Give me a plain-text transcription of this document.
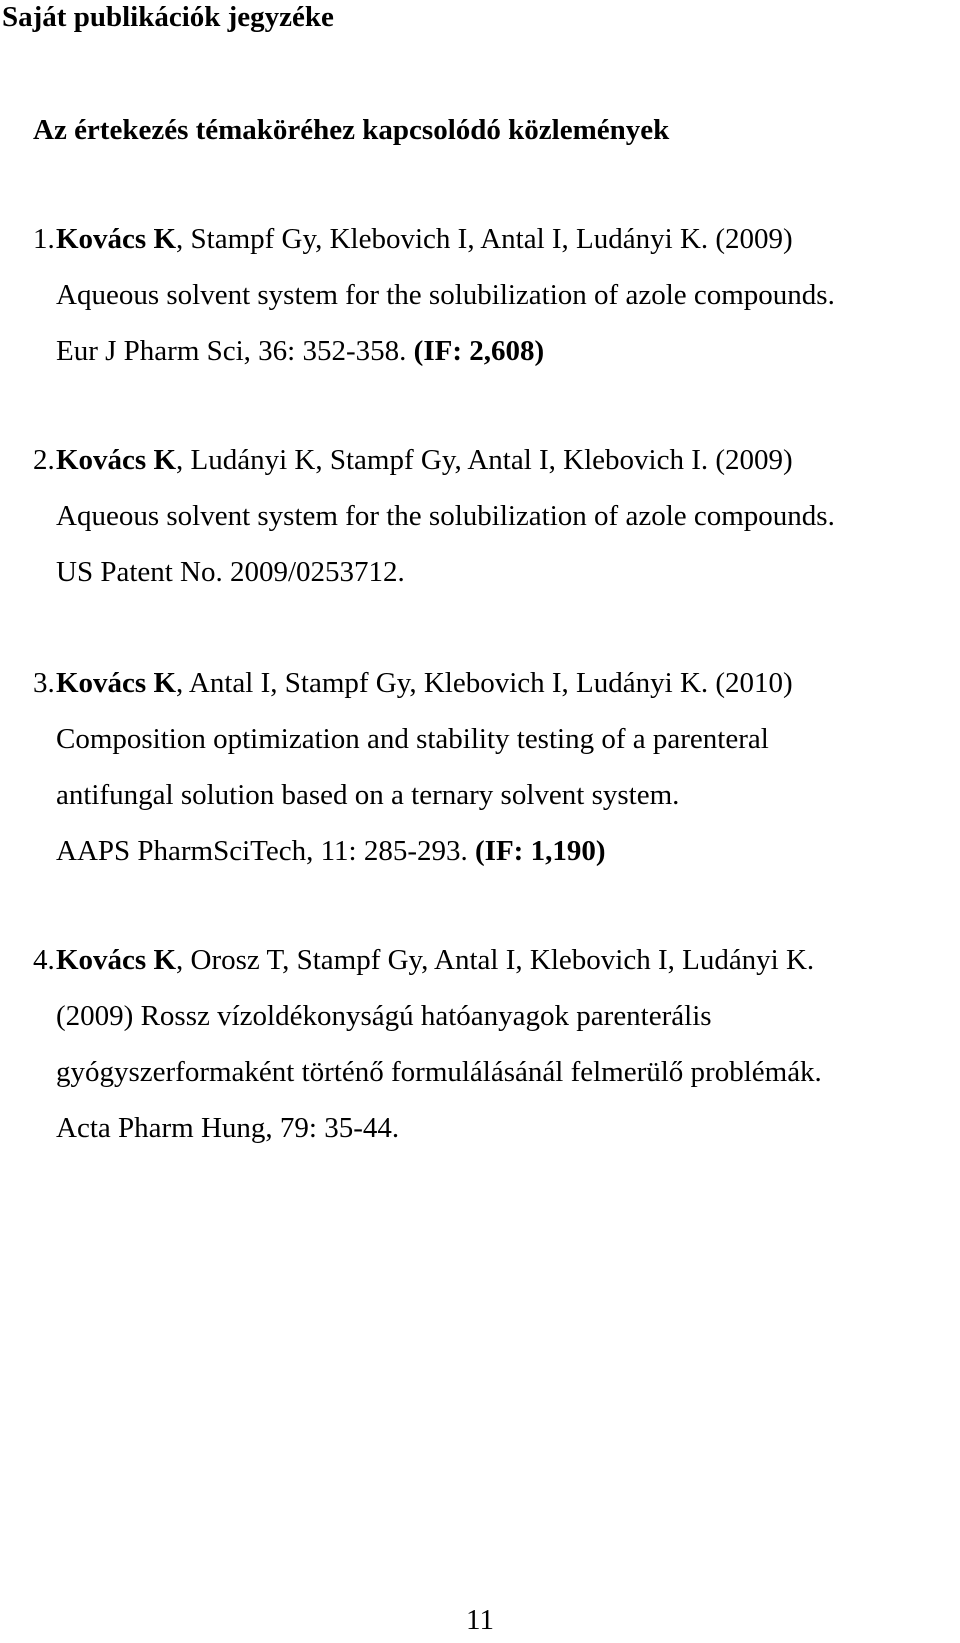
Saját publikációk jegyzéke
Az értekezés témaköréhez kapcsolódó közlemények
1. Kovács K, Stampf Gy, Klebovich I, Antal I, Ludányi K. (2009)
Aqueous solvent system for the solubilization of azole compounds.
Eur J Pharm Sci, 36: 352-358. (IF: 2,608)
2. Kovács K, Ludányi K, Stampf Gy, Antal I, Klebovich I. (2009)
Aqueous solvent system for the solubilization of azole compounds.
US Patent No. 2009/0253712.
3. Kovács K, Antal I, Stampf Gy, Klebovich I, Ludányi K. (2010)
Composition optimization and stability testing of a parenteral
antifungal solution based on a ternary solvent system.
AAPS PharmSciTech, 11: 285-293. (IF: 1,190)
4. Kovács K, Orosz T, Stampf Gy, Antal I, Klebovich I, Ludányi K.
(2009) Rossz vízoldékonyságú hatóanyagok parenterális
gyógyszerformaként történő formulálásánál felmerülő problémák.
Acta Pharm Hung, 79: 35-44.
11
